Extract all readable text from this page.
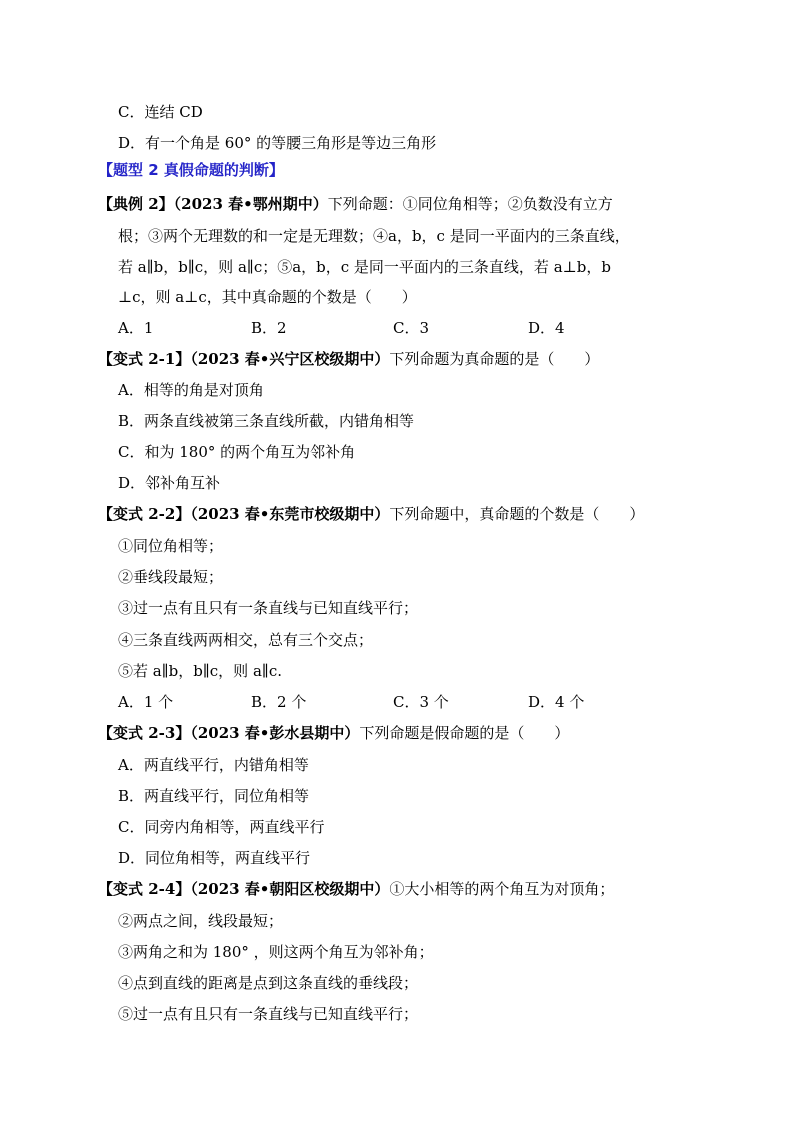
C．连结 CD
D．有一个角是 60° 的等腰三角形是等边三角形
【题型 2 真假命题的判断】
【典例 2】（2023 春•鄂州期中）下列命题：①同位角相等；②负数没有立方
根；③两个无理数的和一定是无理数；④a，b，c 是同一平面内的三条直线，
若 a∥b，b∥c，则 a∥c；⑤a，b，c 是同一平面内的三条直线，若 a⊥b，b
⊥c，则 a⊥c，其中真命题的个数是（　　）
A．1	B．2	C．3	D．4
【变式 2-1】（2023 春•兴宁区校级期中）下列命题为真命题的是（　　）
A．相等的角是对顶角
B．两条直线被第三条直线所截，内错角相等
C．和为 180° 的两个角互为邻补角
D．邻补角互补
【变式 2-2】（2023 春•东莞市校级期中）下列命题中，真命题的个数是（　　）
①同位角相等；
②垂线段最短；
③过一点有且只有一条直线与已知直线平行；
④三条直线两两相交，总有三个交点；
⑤若 a∥b，b∥c，则 a∥c.
A．1 个	B．2 个	C．3 个	D．4 个
【变式 2-3】（2023 春•彭水县期中）下列命题是假命题的是（　　）
A．两直线平行，内错角相等
B．两直线平行，同位角相等
C．同旁内角相等，两直线平行
D．同位角相等，两直线平行
【变式 2-4】（2023 春•朝阳区校级期中）①大小相等的两个角互为对顶角；
②两点之间，线段最短；
③两角之和为 180° ，则这两个角互为邻补角；
④点到直线的距离是点到这条直线的垂线段；
⑤过一点有且只有一条直线与已知直线平行；
